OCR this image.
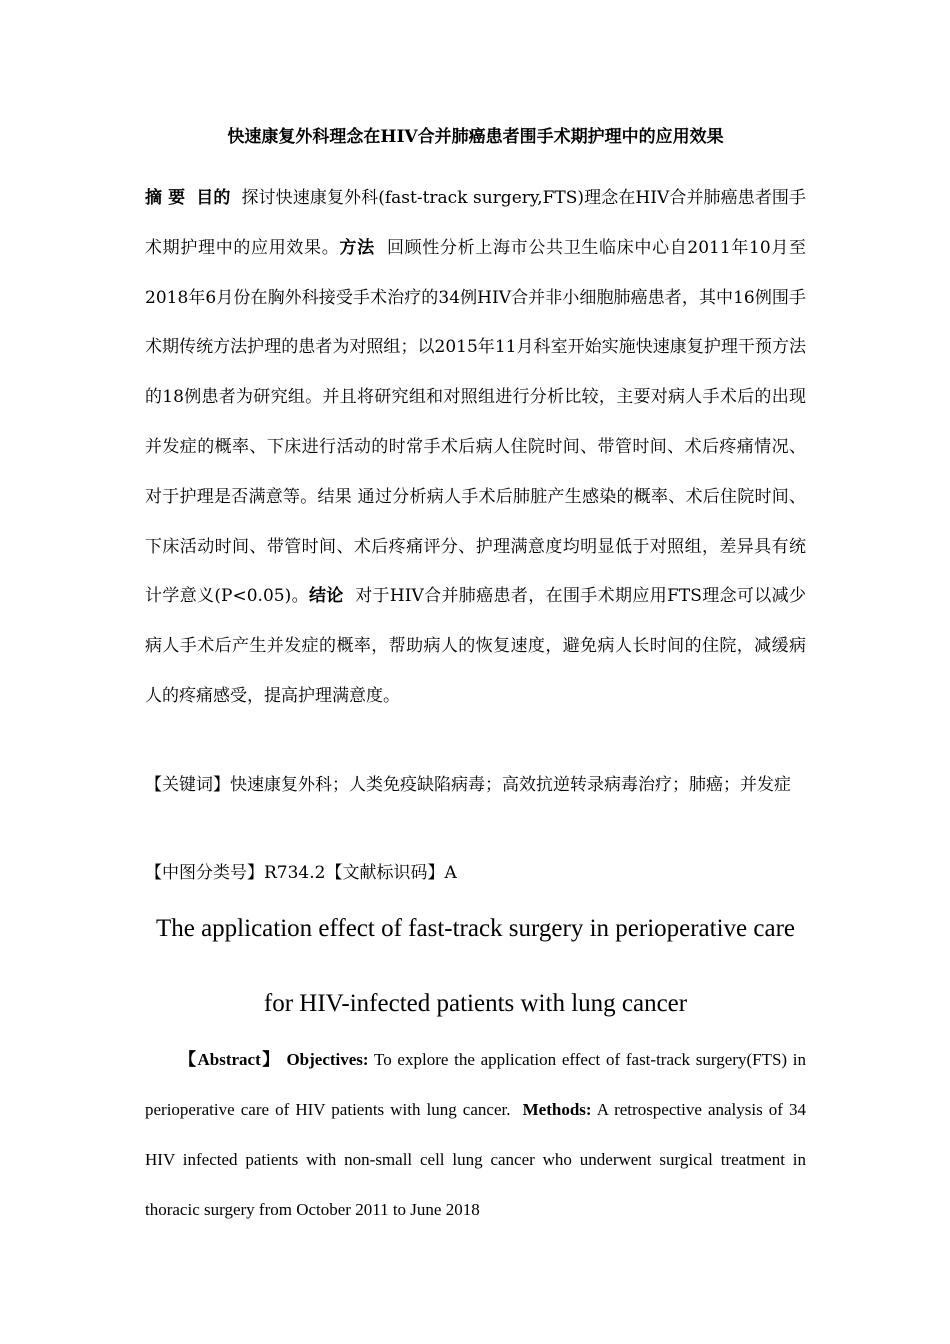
快速康复外科理念在HIV合并肺癌患者围手术期护理中的应用效果

摘 要 目的 探讨快速康复外科(fast-track surgery,FTS)理念在HIV合并肺癌患者围手术期护理中的应用效果。方法 回顾性分析上海市公共卫生临床中心自2011年10月至2018年6月份在胸外科接受手术治疗的34例HIV合并非小细胞肺癌患者，其中16例围手术期传统方法护理的患者为对照组；以2015年11月科室开始实施快速康复护理干预方法的18例患者为研究组。并且将研究组和对照组进行分析比较，主要对病人手术后的出现并发症的概率、下床进行活动的时常手术后病人住院时间、带管时间、术后疼痛情况、对于护理是否满意等。结果 通过分析病人手术后肺脏产生感染的概率、术后住院时间、下床活动时间、带管时间、术后疼痛评分、护理满意度均明显低于对照组，差异具有统计学意义(P<0.05)。结论 对于HIV合并肺癌患者，在围手术期应用FTS理念可以减少病人手术后产生并发症的概率，帮助病人的恢复速度，避免病人长时间的住院，减缓病人的疼痛感受，提高护理满意度。

【关键词】快速康复外科；人类免疫缺陷病毒；高效抗逆转录病毒治疗；肺癌；并发症

【中图分类号】R734.2【文献标识码】A

The application effect of fast-track surgery in perioperative care
for HIV-infected patients with lung cancer

【Abstract】 Objectives: To explore the application effect of fast-track surgery(FTS) in perioperative care of HIV patients with lung cancer. Methods: A retrospective analysis of 34 HIV infected patients with non-small cell lung cancer who underwent surgical treatment in thoracic surgery from October 2011 to June 2018
